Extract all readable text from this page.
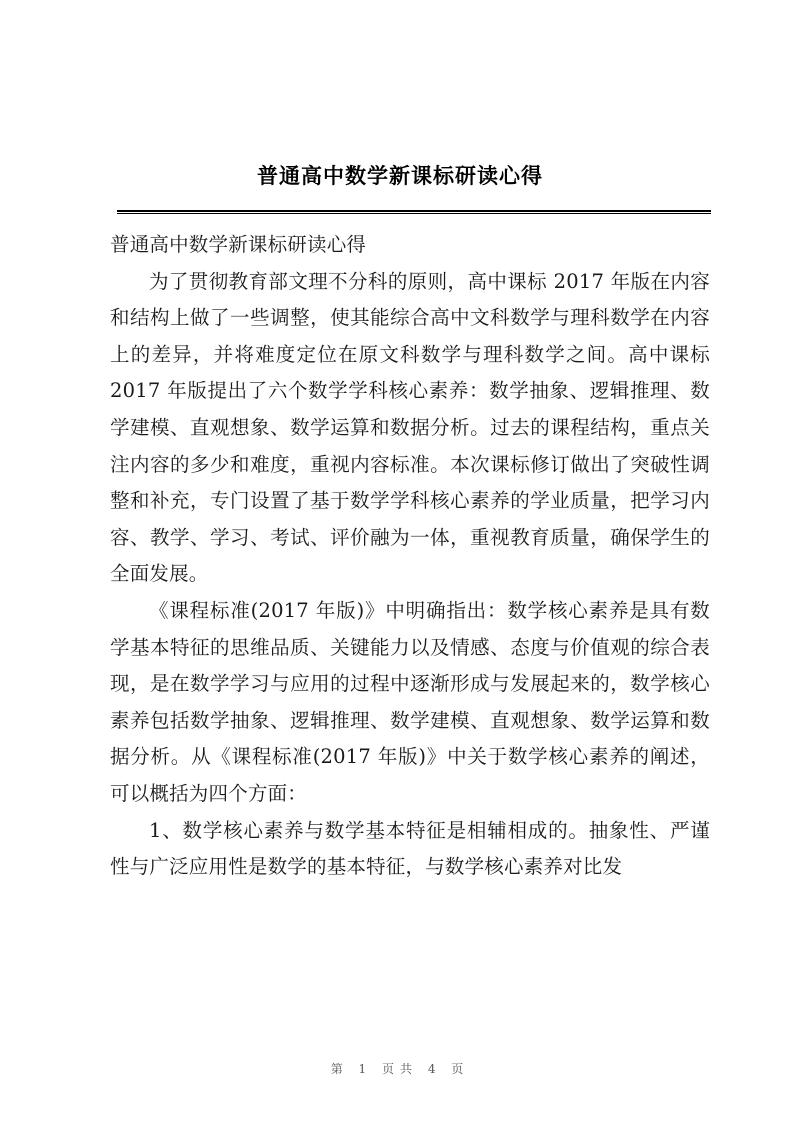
普通高中数学新课标研读心得

普通高中数学新课标研读心得

为了贯彻教育部文理不分科的原则，高中课标 2017 年版在内容和结构上做了一些调整，使其能综合高中文科数学与理科数学在内容上的差异，并将难度定位在原文科数学与理科数学之间。高中课标 2017 年版提出了六个数学学科核心素养：数学抽象、逻辑推理、数学建模、直观想象、数学运算和数据分析。过去的课程结构，重点关注内容的多少和难度，重视内容标准。本次课标修订做出了突破性调整和补充，专门设置了基于数学学科核心素养的学业质量，把学习内容、教学、学习、考试、评价融为一体，重视教育质量，确保学生的全面发展。

《课程标准(2017 年版)》中明确指出：数学核心素养是具有数学基本特征的思维品质、关键能力以及情感、态度与价值观的综合表现，是在数学学习与应用的过程中逐渐形成与发展起来的，数学核心素养包括数学抽象、逻辑推理、数学建模、直观想象、数学运算和数据分析。从《课程标准(2017 年版)》中关于数学核心素养的阐述，可以概括为四个方面：

1、数学核心素养与数学基本特征是相辅相成的。抽象性、严谨性与广泛应用性是数学的基本特征，与数学核心素养对比发

第 1 页共 4 页
